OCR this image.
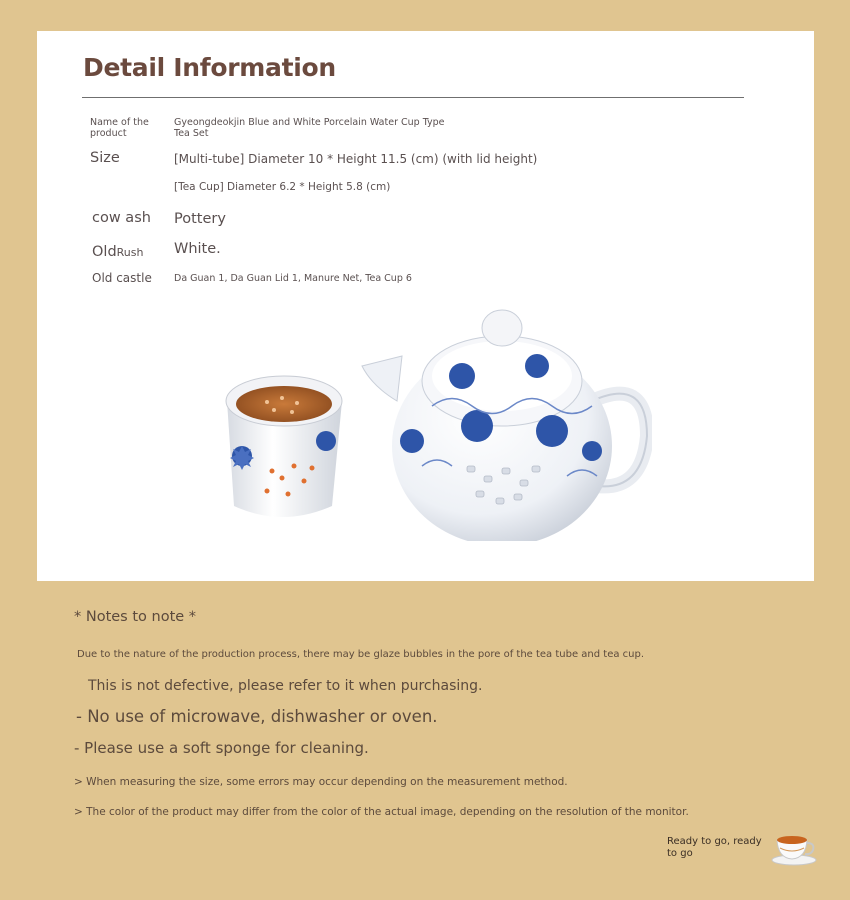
Detail Information
Name of the product
Gyeongdeokjin Blue and White Porcelain Water Cup Type
Tea Set
Size	[Multi-tube] Diameter 10 * Height 11.5 (cm) (with lid height)
[Tea Cup] Diameter 6.2 * Height 5.8 (cm)
cow ash Pottery
OldRush White.
Old castle Da Guan 1, Da Guan Lid 1, Manure Net, Tea Cup 6
* Notes to note *
Due to the nature of the production process, there may be glaze bubbles in the pore of the tea tube and tea cup.
This is not defective, please refer to it when purchasing.
- No use of microwave, dishwasher or oven.
- Please use a soft sponge for cleaning.
> When measuring the size, some errors may occur depending on the measurement method.
> The color of the product may differ from the color of the actual image, depending on the resolution of the monitor.
Ready to go, ready
to go
